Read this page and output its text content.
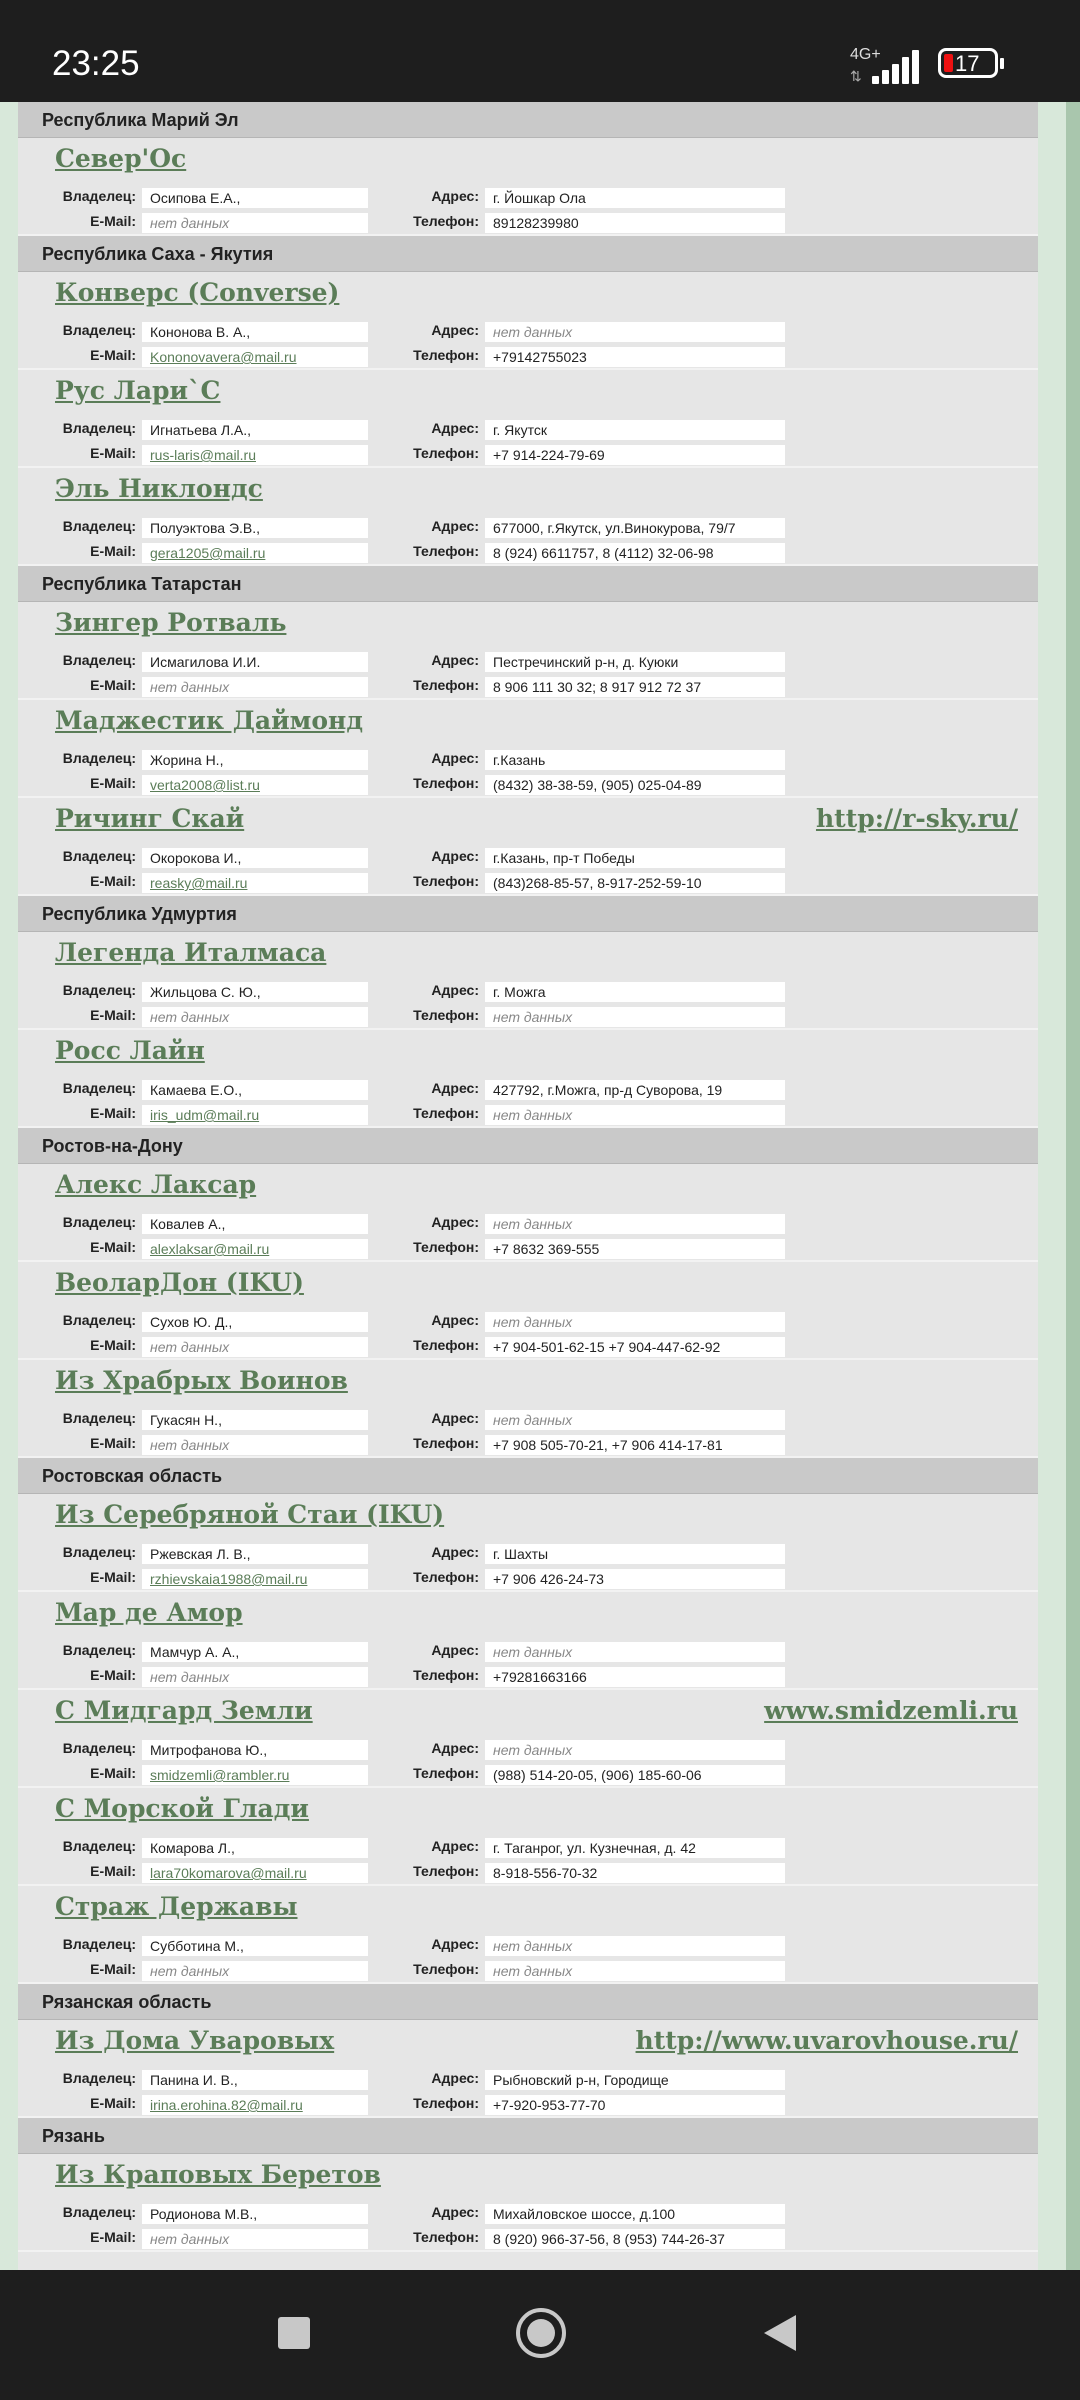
23:25	4G+
⇅	17
Республика Марий Эл
Север'Ос
Владелец:	Осипова Е.А.,	Адрес:	г. Йошкар Ола
E-Mail:	нет данных	Телефон:	89128239980
Республика Саха - Якутия
Конверс (Converse)
Владелец:	Кононова В. А.,	Адрес:	нет данных
E-Mail:	Kononovavera@mail.ru	Телефон:	+79142755023
Рус Лари`С
Владелец:	Игнатьева Л.А.,	Адрес:	г. Якутск
E-Mail:	rus-laris@mail.ru	Телефон:	+7 914-224-79-69
Эль Никлондс
Владелец:	Полуэктова Э.В.,	Адрес:	677000, г.Якутск, ул.Винокурова, 79/7
E-Mail:	gera1205@mail.ru	Телефон:	8 (924) 6611757, 8 (4112) 32-06-98
Республика Татарстан
Зингер Ротваль
Владелец:	Исмагилова И.И.	Адрес:	Пестречинский р-н, д. Куюки
E-Mail:	нет данных	Телефон:	8 906 111 30 32; 8 917 912 72 37
Маджестик Даймонд
Владелец:	Жорина Н.,	Адрес:	г.Казань
E-Mail:	verta2008@list.ru	Телефон:	(8432) 38-38-59, (905) 025-04-89
Ричинг Скай	http://r-sky.ru/
Владелец:	Окорокова И.,	Адрес:	г.Казань, пр-т Победы
E-Mail:	reasky@mail.ru	Телефон:	(843)268-85-57, 8-917-252-59-10
Республика Удмуртия
Легенда Италмаса
Владелец:	Жильцова С. Ю.,	Адрес:	г. Можга
E-Mail:	нет данных	Телефон:	нет данных
Росс Лайн
Владелец:	Камаева Е.О.,	Адрес:	427792, г.Можга, пр-д Суворова, 19
E-Mail:	iris_udm@mail.ru	Телефон:	нет данных
Ростов-на-Дону
Алекс Лаксар
Владелец:	Ковалев А.,	Адрес:	нет данных
E-Mail:	alexlaksar@mail.ru	Телефон:	+7 8632 369-555
ВеоларДон (IKU)
Владелец:	Сухов Ю. Д.,	Адрес:	нет данных
E-Mail:	нет данных	Телефон:	+7 904-501-62-15 +7 904-447-62-92
Из Храбрых Воинов
Владелец:	Гукасян Н.,	Адрес:	нет данных
E-Mail:	нет данных	Телефон:	+7 908 505-70-21, +7 906 414-17-81
Ростовская область
Из Серебряной Стаи (IKU)
Владелец:	Ржевская Л. В.,	Адрес:	г. Шахты
E-Mail:	rzhievskaia1988@mail.ru	Телефон:	+7 906 426-24-73
Мар де Амор
Владелец:	Мамчур А. А.,	Адрес:	нет данных
E-Mail:	нет данных	Телефон:	+79281663166
С Мидгард Земли	www.smidzemli.ru
Владелец:	Митрофанова Ю.,	Адрес:	нет данных
E-Mail:	smidzemli@rambler.ru	Телефон:	(988) 514-20-05, (906) 185-60-06
С Морской Глади
Владелец:	Комарова Л.,	Адрес:	г. Таганрог, ул. Кузнечная, д. 42
E-Mail:	lara70komarova@mail.ru	Телефон:	8-918-556-70-32
Страж Державы
Владелец:	Субботина М.,	Адрес:	нет данных
E-Mail:	нет данных	Телефон:	нет данных
Рязанская область
Из Дома Уваровых	http://www.uvarovhouse.ru/
Владелец:	Панина И. В.,	Адрес:	Рыбновский р-н, Городище
E-Mail:	irina.erohina.82@mail.ru	Телефон:	+7-920-953-77-70
Рязань
Из Краповых Беретов
Владелец:	Родионова М.В.,	Адрес:	Михайловское шоссе, д.100
E-Mail:	нет данных	Телефон:	8 (920) 966-37-56, 8 (953) 744-26-37
